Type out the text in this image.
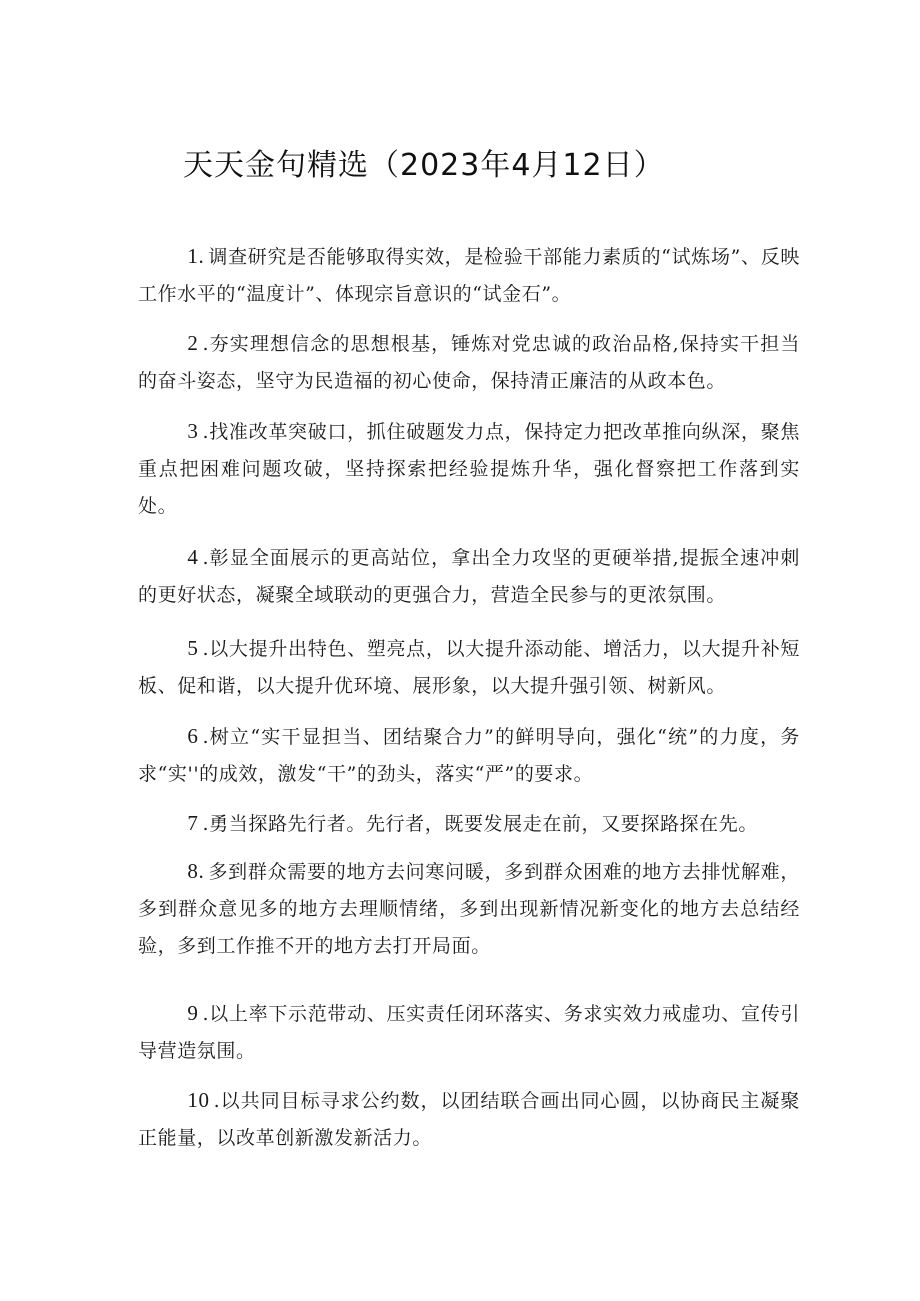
天天金句精选（2023年4月12日）

1. 调查研究是否能够取得实效，是检验干部能力素质的“试炼场”、反映工作水平的“温度计”、体现宗旨意识的“试金石”。

2 .夯实理想信念的思想根基，锤炼对党忠诚的政治品格,保持实干担当的奋斗姿态，坚守为民造福的初心使命，保持清正廉洁的从政本色。

3 .找准改革突破口，抓住破题发力点，保持定力把改革推向纵深，聚焦重点把困难问题攻破，坚持探索把经验提炼升华，强化督察把工作落到实处。

4 .彰显全面展示的更高站位，拿出全力攻坚的更硬举措,提振全速冲刺的更好状态，凝聚全域联动的更强合力，营造全民参与的更浓氛围。

5 .以大提升出特色、塑亮点，以大提升添动能、增活力，以大提升补短板、促和谐，以大提升优环境、展形象，以大提升强引领、树新风。

6 .树立“实干显担当、团结聚合力”的鲜明导向，强化“统”的力度，务求“实''的成效，激发“干”的劲头，落实“严”的要求。

7 .勇当探路先行者。先行者，既要发展走在前，又要探路探在先。

8. 多到群众需要的地方去问寒问暖，多到群众困难的地方去排忧解难，多到群众意见多的地方去理顺情绪，多到出现新情况新变化的地方去总结经验，多到工作推不开的地方去打开局面。

9 .以上率下示范带动、压实责任闭环落实、务求实效力戒虚功、宣传引导营造氛围。

10 .以共同目标寻求公约数，以团结联合画出同心圆，以协商民主凝聚正能量，以改革创新激发新活力。
